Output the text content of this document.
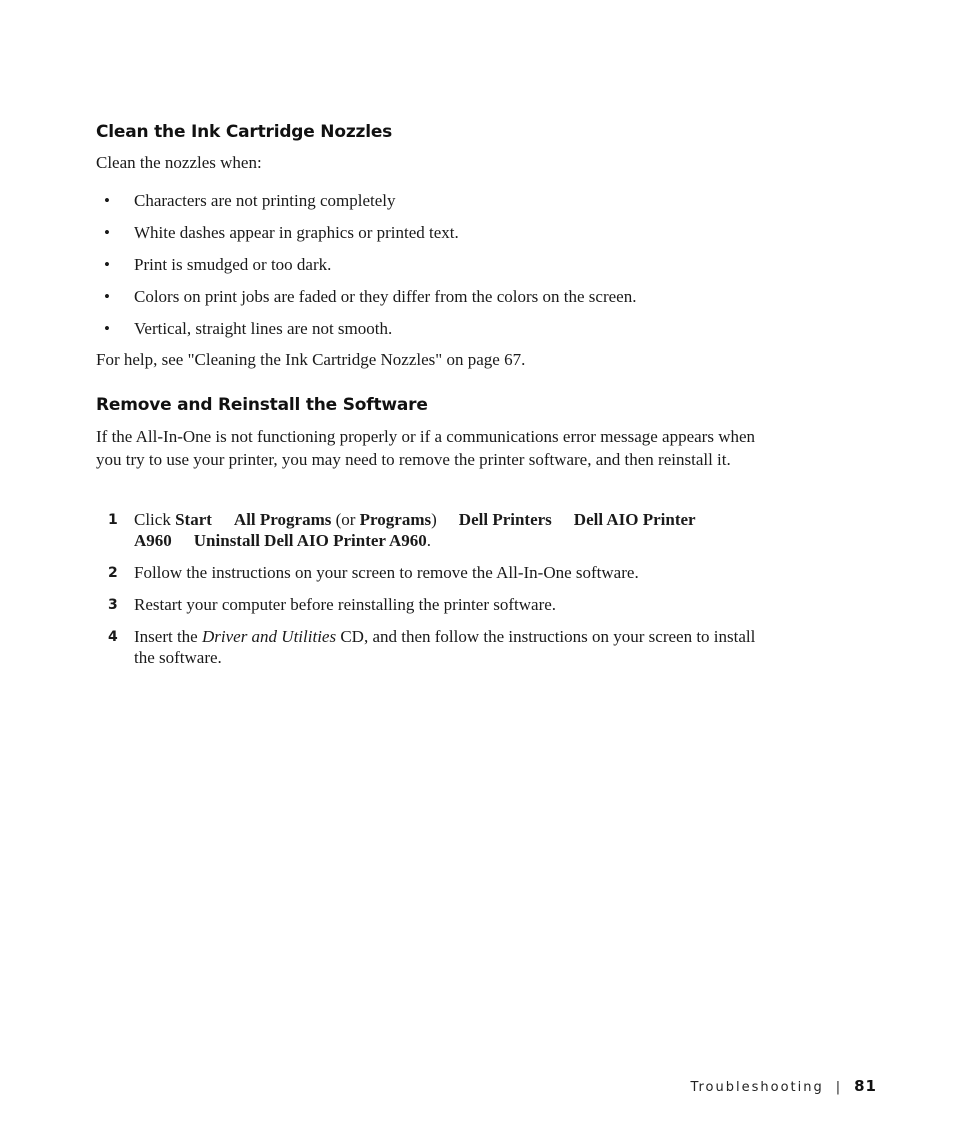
Clean the Ink Cartridge Nozzles

Clean the nozzles when:

• Characters are not printing completely
• White dashes appear in graphics or printed text.
• Print is smudged or too dark.
• Colors on print jobs are faded or they differ from the colors on the screen.
• Vertical, straight lines are not smooth.

For help, see "Cleaning the Ink Cartridge Nozzles" on page 67.

Remove and Reinstall the Software

If the All-In-One is not functioning properly or if a communications error message appears when you try to use your printer, you may need to remove the printer software, and then reinstall it.

1 Click Start All Programs (or Programs) Dell Printers Dell AIO Printer
A960 Uninstall Dell AIO Printer A960.
2 Follow the instructions on your screen to remove the All-In-One software.
3 Restart your computer before reinstalling the printer software.
4 Insert the Driver and Utilities CD, and then follow the instructions on your screen to install the software.
Troubleshooting | 81
